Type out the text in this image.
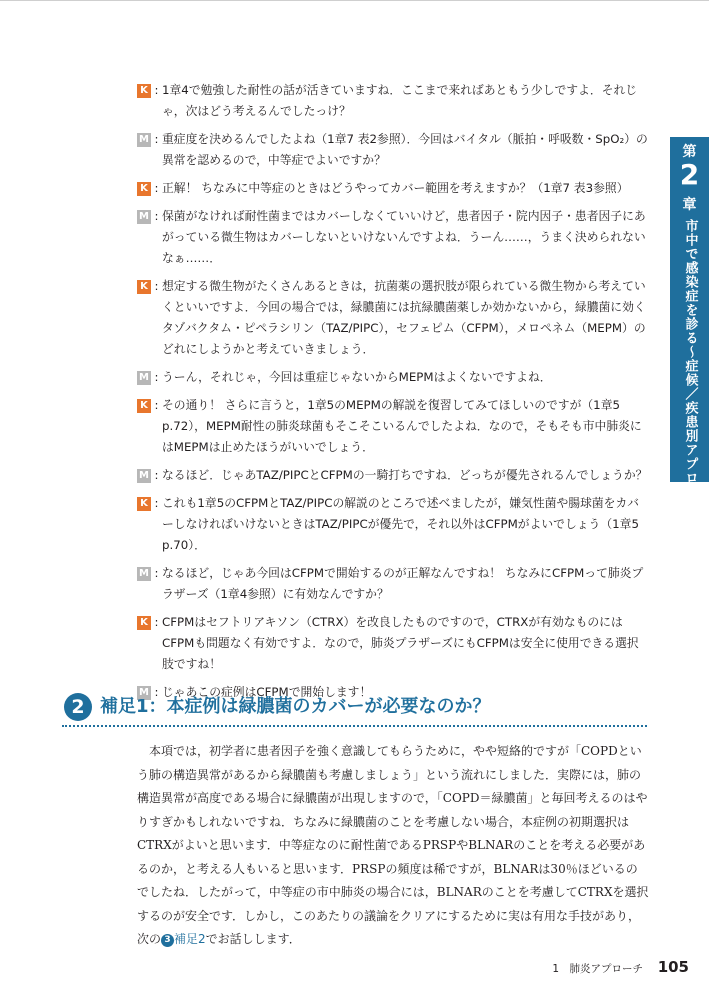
K : 1章4で勉強した耐性の話が活きていますね．ここまで来ればあともう少しですよ．それじゃ，次はどう考えるんでしたっけ？
M : 重症度を決めるんでしたよね（1章7 表2参照）．今回はバイタル（脈拍・呼吸数・SpO₂）の異常を認めるので，中等症でよいですか？
K : 正解！ ちなみに中等症のときはどうやってカバー範囲を考えますか？（1章7 表3参照）
M : 保菌がなければ耐性菌まではカバーしなくていいけど，患者因子・院内因子・患者因子にあがっている微生物はカバーしないといけないんですよね．うーん……，うまく決められないなぁ……．
K : 想定する微生物がたくさんあるときは，抗菌薬の選択肢が限られている微生物から考えていくといいですよ．今回の場合では，緑膿菌には抗緑膿菌薬しか効かないから，緑膿菌に効くタゾバクタム・ピペラシリン（TAZ/PIPC），セフェピム（CFPM），メロペネム（MEPM）のどれにしようかと考えていきましょう．
M : うーん，それじゃ，今回は重症じゃないからMEPMはよくないですよね．
K : その通り！ さらに言うと，1章5のMEPMの解説を復習してみてほしいのですが（1章5 p.72），MEPM耐性の肺炎球菌もそこそこいるんでしたよね．なので，そもそも市中肺炎にはMEPMは止めたほうがいいでしょう．
M : なるほど．じゃあTAZ/PIPCとCFPMの一騎打ちですね．どっちが優先されるんでしょうか？
K : これも1章5のCFPMとTAZ/PIPCの解説のところで述べましたが，嫌気性菌や腸球菌をカバーしなければいけないときはTAZ/PIPCが優先で，それ以外はCFPMがよいでしょう（1章5 p.70）．
M : なるほど，じゃあ今回はCFPMで開始するのが正解なんですね！ ちなみにCFPMって肺炎プラザーズ（1章4参照）に有効なんですか？
K : CFPMはセフトリアキソン（CTRX）を改良したものですので，CTRXが有効なものにはCFPMも問題なく有効ですよ．なので，肺炎プラザーズにもCFPMは安全に使用できる選択肢ですね！
M : じゃあこの症例はCFPMで開始します！
第
2
章
市中で感染症を診る〜症候／疾患別アプローチ
2 補足1：本症例は緑膿菌のカバーが必要なのか？

本項では，初学者に患者因子を強く意識してもらうために，やや短絡的ですが「COPDという肺の構造異常があるから緑膿菌も考慮しましょう」という流れにしました．実際には，肺の構造異常が高度である場合に緑膿菌が出現しますので，「COPD＝緑膿菌」と毎回考えるのはやりすぎかもしれないですね．ちなみに緑膿菌のことを考慮しない場合，本症例の初期選択はCTRXがよいと思います．中等症なのに耐性菌であるPRSPやBLNARのことを考える必要があるのか，と考える人もいると思います．PRSPの頻度は稀ですが，BLNARは30％ほどいるのでしたね．したがって，中等症の市中肺炎の場合には，BLNARのことを考慮してCTRXを選択するのが安全です．しかし，このあたりの議論をクリアにするために実は有用な手技があり，次の 3 補足2でお話しします．

1　肺炎アプローチ 105
